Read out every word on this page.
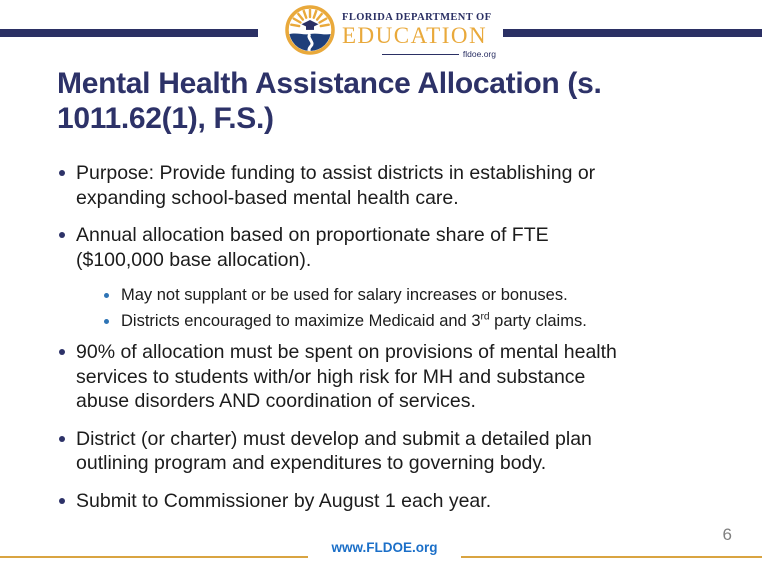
FLORIDA DEPARTMENT OF
EDUCATION
fldoe.org
Mental Health Assistance Allocation (s.
1011.62(1), F.S.)
Purpose: Provide funding to assist districts in establishing or
expanding school-based mental health care.
Annual allocation based on proportionate share of FTE
($100,000 base allocation).
May not supplant or be used for salary increases or bonuses.
Districts encouraged to maximize Medicaid and 3rd party claims.
90% of allocation must be spent on provisions of mental health
services to students with/or high risk for MH and substance
abuse disorders AND coordination of services.
District (or charter) must develop and submit a detailed plan
outlining program and expenditures to governing body.
Submit to Commissioner by August 1 each year.
www.FLDOE.org
6
